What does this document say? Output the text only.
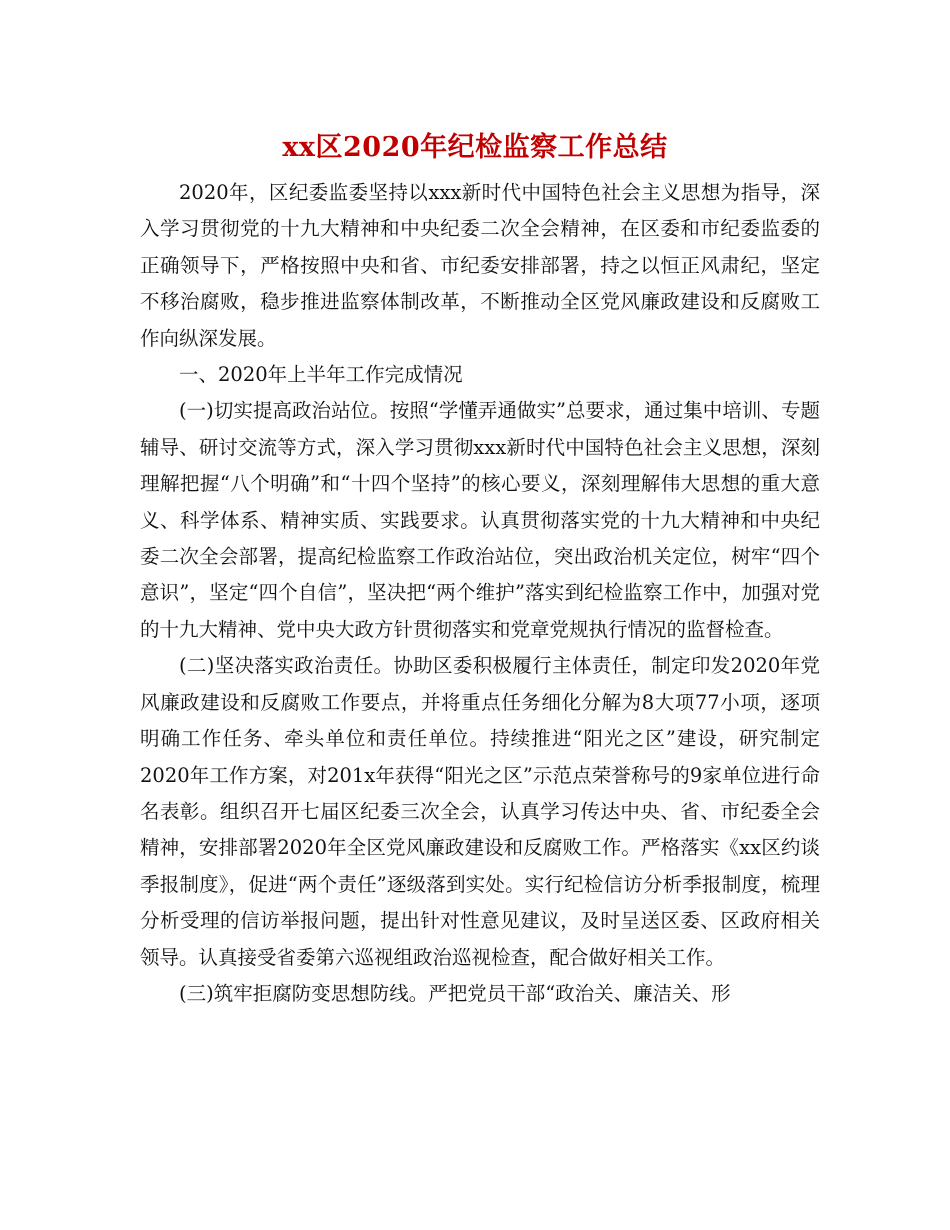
xx区2020年纪检监察工作总结

2020年，区纪委监委坚持以xxx新时代中国特色社会主义思想为指导，深入学习贯彻党的十九大精神和中央纪委二次全会精神，在区委和市纪委监委的正确领导下，严格按照中央和省、市纪委安排部署，持之以恒正风肃纪，坚定不移治腐败，稳步推进监察体制改革，不断推动全区党风廉政建设和反腐败工作向纵深发展。

一、2020年上半年工作完成情况

(一)切实提高政治站位。按照“学懂弄通做实”总要求，通过集中培训、专题辅导、研讨交流等方式，深入学习贯彻xxx新时代中国特色社会主义思想，深刻理解把握“八个明确”和“十四个坚持”的核心要义，深刻理解伟大思想的重大意义、科学体系、精神实质、实践要求。认真贯彻落实党的十九大精神和中央纪委二次全会部署，提高纪检监察工作政治站位，突出政治机关定位，树牢“四个意识”，坚定“四个自信”，坚决把“两个维护”落实到纪检监察工作中，加强对党的十九大精神、党中央大政方针贯彻落实和党章党规执行情况的监督检查。

(二)坚决落实政治责任。协助区委积极履行主体责任，制定印发2020年党风廉政建设和反腐败工作要点，并将重点任务细化分解为8大项77小项，逐项明确工作任务、牵头单位和责任单位。持续推进“阳光之区”建设，研究制定2020年工作方案，对201x年获得“阳光之区”示范点荣誉称号的9家单位进行命名表彰。组织召开七届区纪委三次全会，认真学习传达中央、省、市纪委全会精神，安排部署2020年全区党风廉政建设和反腐败工作。严格落实《xx区约谈季报制度》，促进“两个责任”逐级落到实处。实行纪检信访分析季报制度，梳理分析受理的信访举报问题，提出针对性意见建议，及时呈送区委、区政府相关领导。认真接受省委第六巡视组政治巡视检查，配合做好相关工作。

(三)筑牢拒腐防变思想防线。严把党员干部“政治关、廉洁关、形
